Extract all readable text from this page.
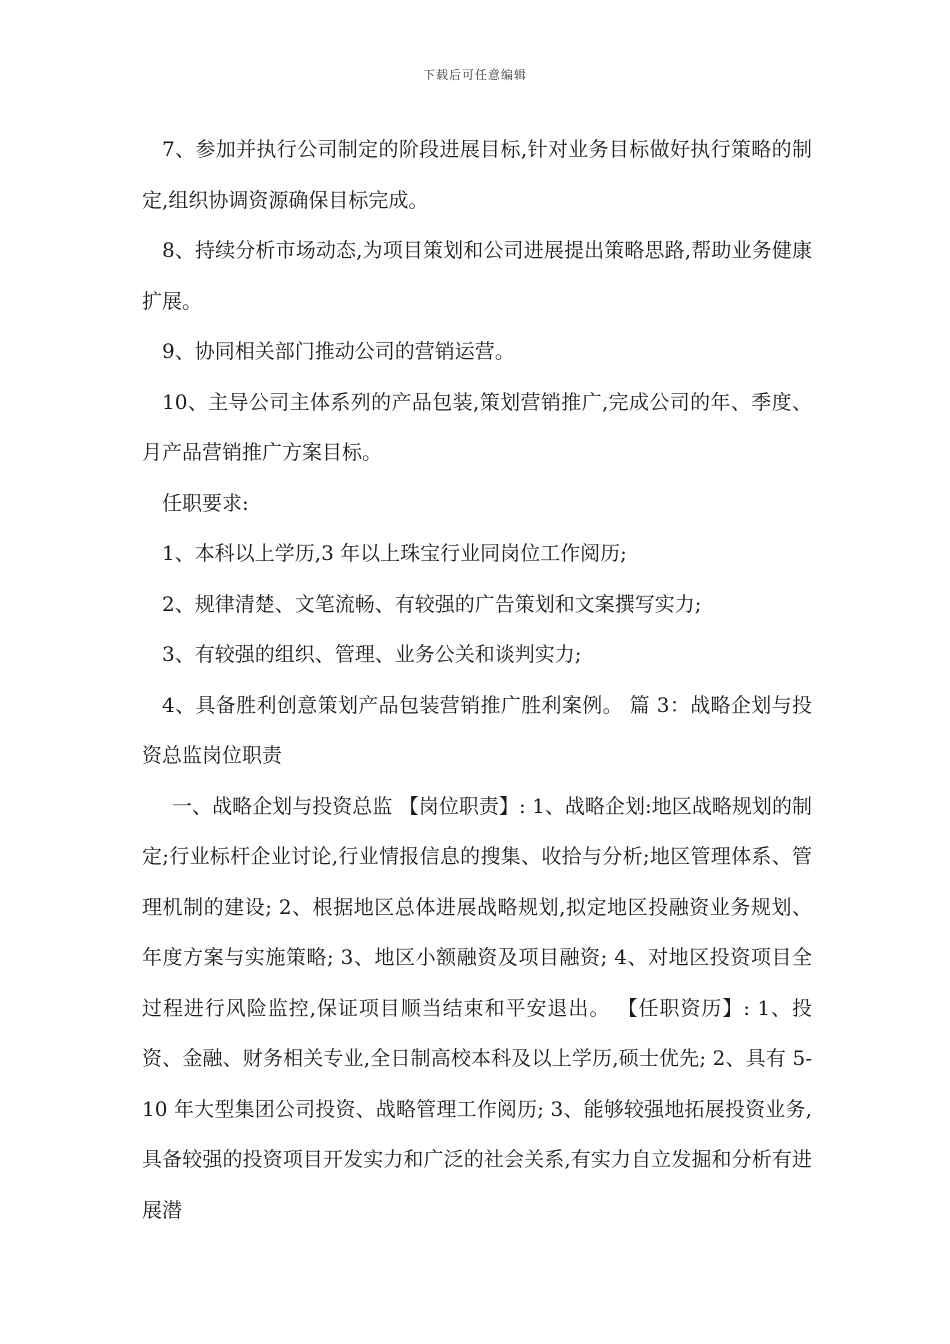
下载后可任意编辑

7、参加并执行公司制定的阶段进展目标,针对业务目标做好执行策略的制定,组织协调资源确保目标完成。

8、持续分析市场动态,为项目策划和公司进展提出策略思路,帮助业务健康扩展。

9、协同相关部门推动公司的营销运营。

10、主导公司主体系列的产品包装,策划营销推广,完成公司的年、季度、月产品营销推广方案目标。

任职要求:

1、本科以上学历,3 年以上珠宝行业同岗位工作阅历;

2、规律清楚、文笔流畅、有较强的广告策划和文案撰写实力;

3、有较强的组织、管理、业务公关和谈判实力;

4、具备胜利创意策划产品包装营销推广胜利案例。 篇 3：战略企划与投资总监岗位职责

一、战略企划与投资总监 【岗位职责】: 1、战略企划:地区战略规划的制定;行业标杆企业讨论,行业情报信息的搜集、收拾与分析;地区管理体系、管理机制的建设; 2、根据地区总体进展战略规划,拟定地区投融资业务规划、年度方案与实施策略; 3、地区小额融资及项目融资; 4、对地区投资项目全过程进行风险监控,保证项目顺当结束和平安退出。 【任职资历】: 1、投资、金融、财务相关专业,全日制高校本科及以上学历,硕士优先; 2、具有 5-10 年大型集团公司投资、战略管理工作阅历; 3、能够较强地拓展投资业务,具备较强的投资项目开发实力和广泛的社会关系,有实力自立发掘和分析有进展潜
